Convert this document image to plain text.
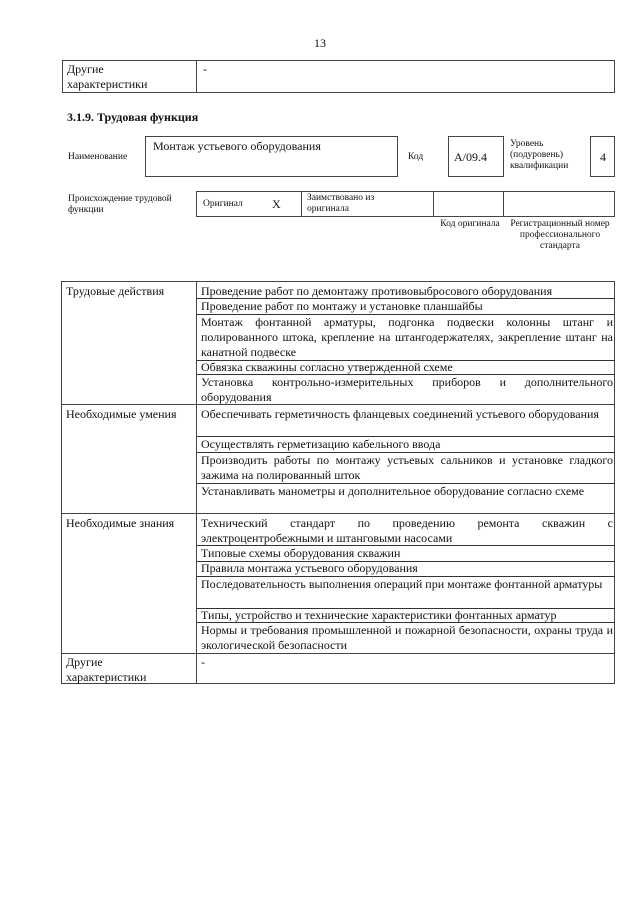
13
Другие характеристики
-
3.1.9. Трудовая функция
Наименование
Монтаж устьевого оборудования
Код	A/09.4
Уровень (подуровень) квалификации
4
Происхождение трудовой функции
Оригинал X	Заимствовано из оригинала
Код оригинала Регистрационный номер профессионального стандарта
Трудовые действия
Необходимые умения
Необходимые знания
Другие характеристики
Проведение работ по демонтажу противовыбросового оборудования
Проведение работ по монтажу и установке планшайбы
Монтаж фонтанной арматуры, подгонка подвески колонны штанг и полированного штока, крепление на штангодержателях, закрепление штанг на канатной подвеске
Обвязка скважины согласно утвержденной схеме
Установка контрольно-измерительных приборов и дополнительного оборудования
Обеспечивать герметичность фланцевых соединений устьевого оборудования
Осуществлять герметизацию кабельного ввода
Производить работы по монтажу устьевых сальников и установке гладкого зажима на полированный шток
Устанавливать манометры и дополнительное оборудование согласно схеме
Технический стандарт по проведению ремонта скважин с электроцентробежными и штанговыми насосами
Типовые схемы оборудования скважин
Правила монтажа устьевого оборудования
Последовательность выполнения операций при монтаже фонтанной арматуры
Типы, устройство и технические характеристики фонтанных арматур
Нормы и требования промышленной и пожарной безопасности, охраны труда и экологической безопасности
-
